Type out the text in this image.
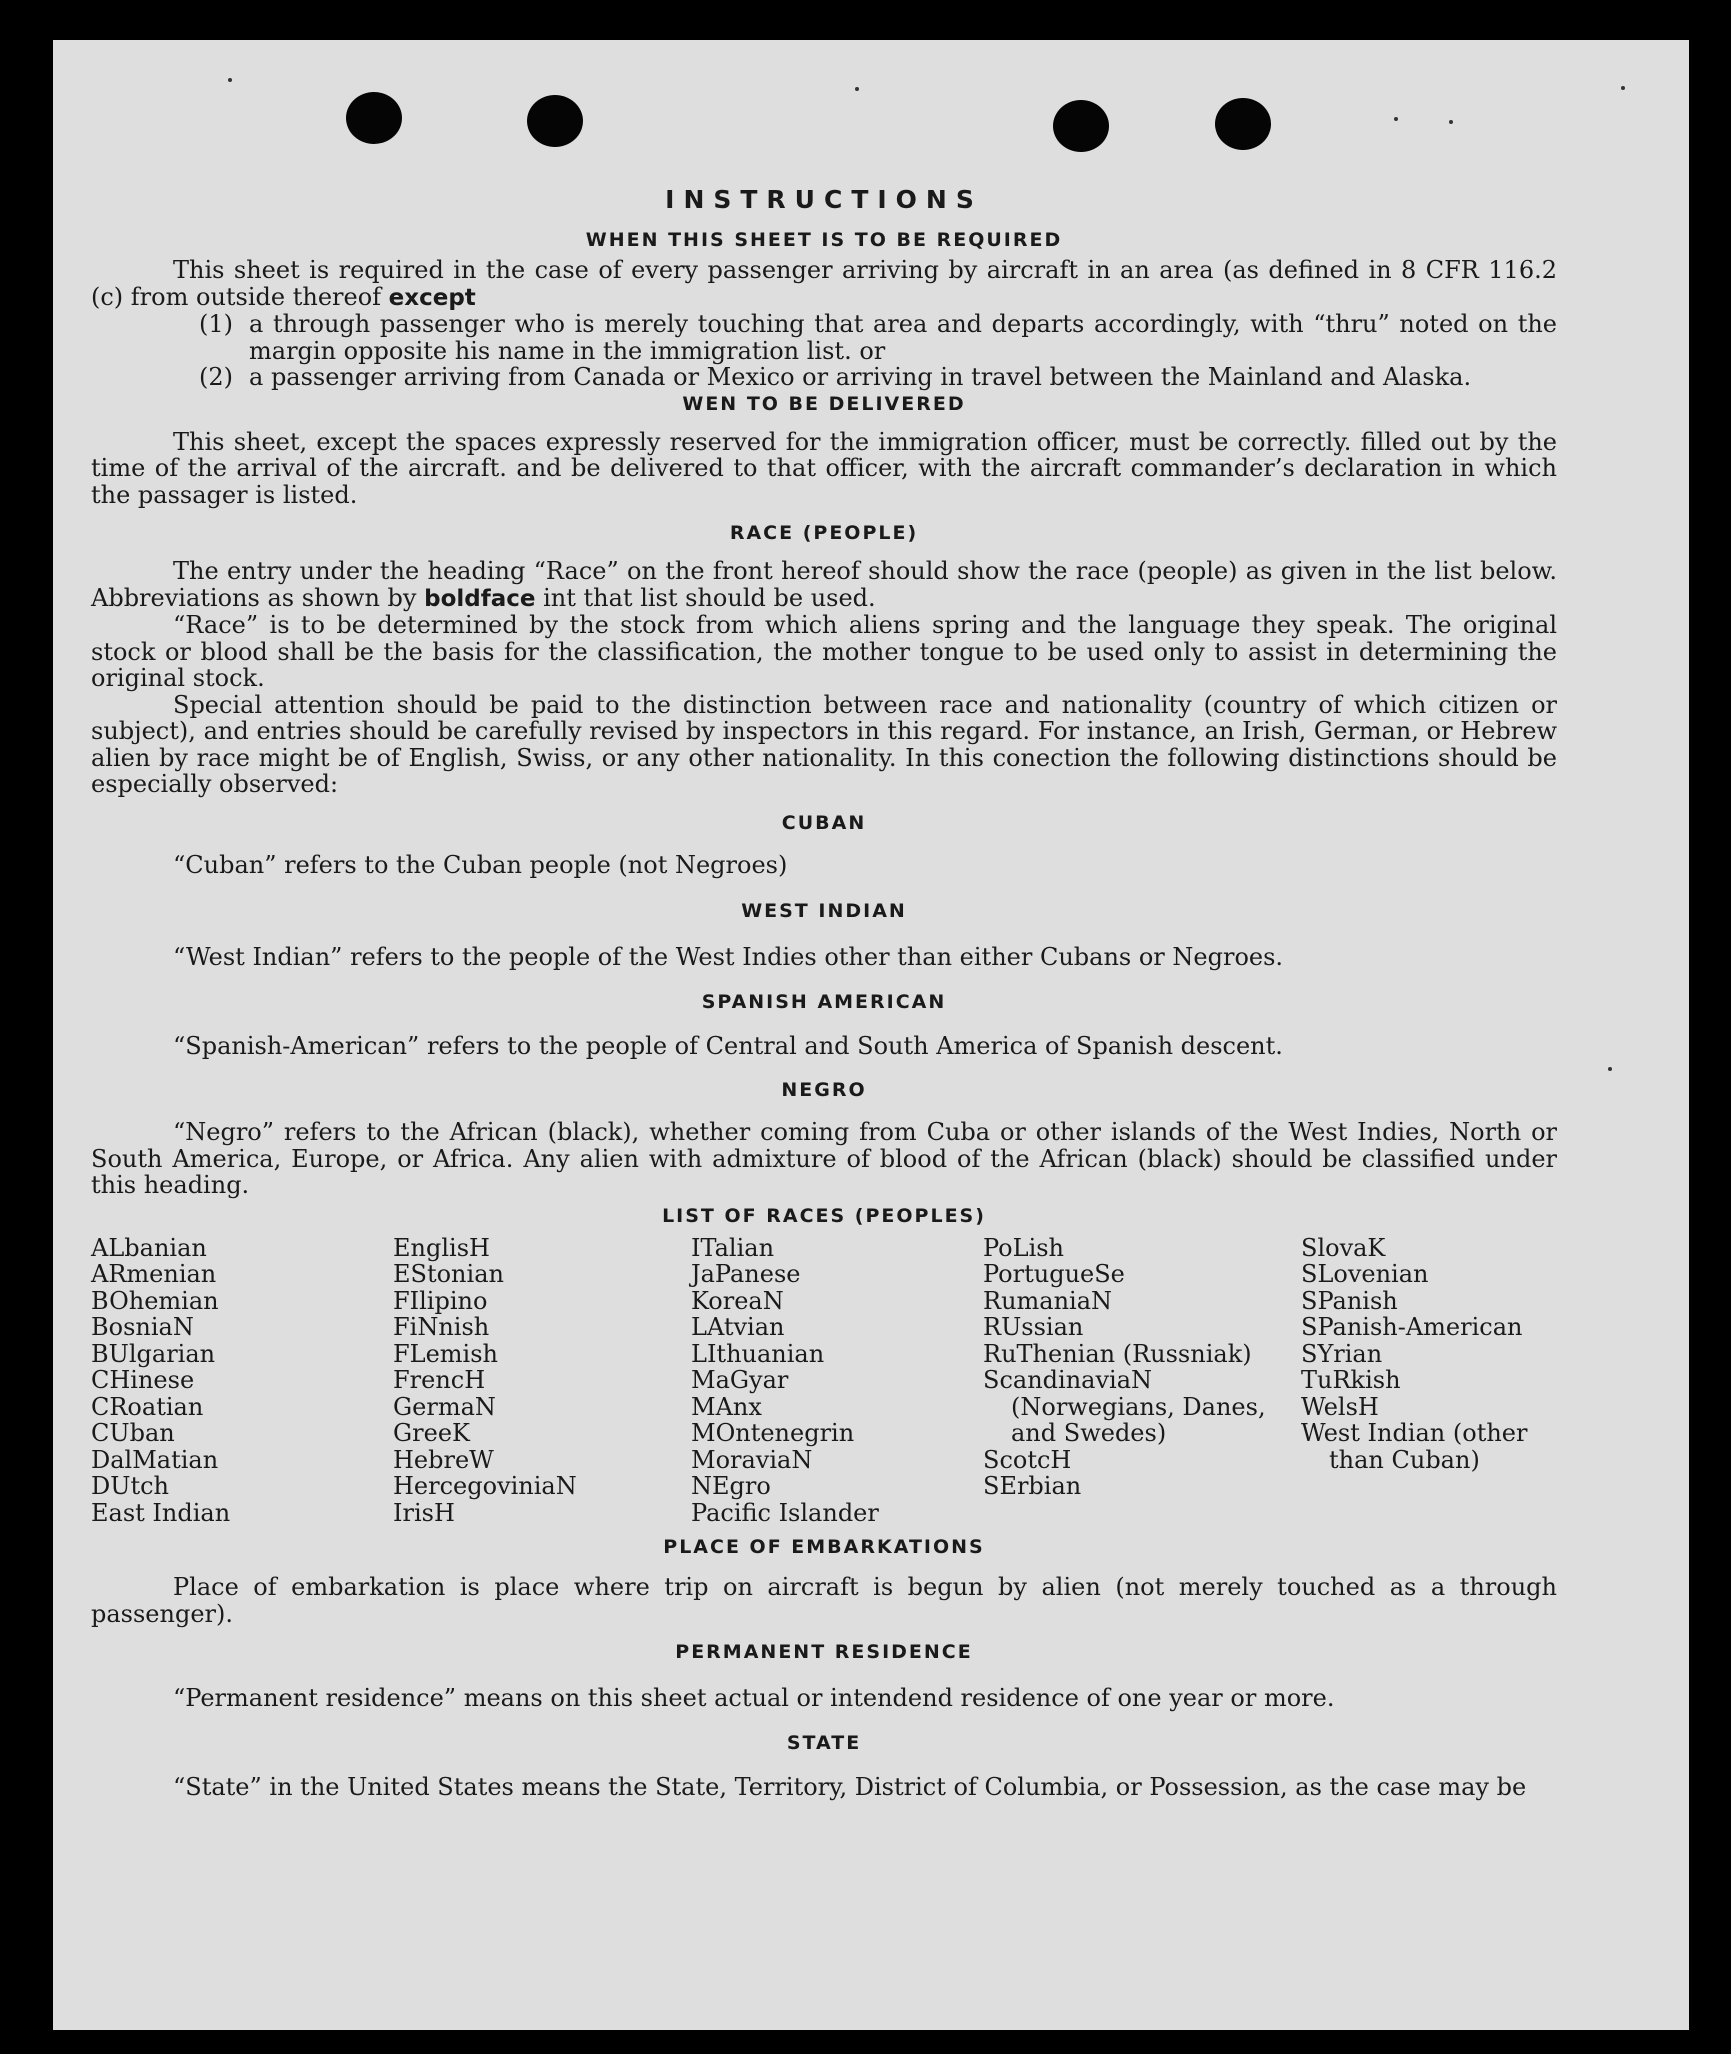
INSTRUCTIONS
WHEN THIS SHEET IS TO BE REQUIRED

This sheet is required in the case of every passenger arriving by aircraft in an area (as defined in 8 CFR 116.2 (c) from outside thereof except

(1) a through passenger who is merely touching that area and departs accordingly, with “thru” noted on the margin opposite his name in the immigration list. or
(2) a passenger arriving from Canada or Mexico or arriving in travel between the Mainland and Alaska.
WEN TO BE DELIVERED

This sheet, except the spaces expressly reserved for the immigration officer, must be correctly. filled out by the time of the arrival of the aircraft. and be delivered to that officer, with the aircraft commander’s declaration in which the passager is listed.

RACE (PEOPLE)

The entry under the heading “Race” on the front hereof should show the race (people) as given in the list below. Abbreviations as shown by boldface int that list should be used.

“Race” is to be determined by the stock from which aliens spring and the language they speak. The original stock or blood shall be the basis for the classification, the mother tongue to be used only to assist in determining the original stock.

Special attention should be paid to the distinction between race and nationality (country of which citizen or subject), and entries should be carefully revised by inspectors in this regard. For instance, an Irish, German, or Hebrew alien by race might be of English, Swiss, or any other nationality. In this conection the following distinctions should be especially observed:

CUBAN

“Cuban” refers to the Cuban people (not Negroes)

WEST INDIAN

“West Indian” refers to the people of the West Indies other than either Cubans or Negroes.

SPANISH AMERICAN

“Spanish-American” refers to the people of Central and South America of Spanish descent.

NEGRO

“Negro” refers to the African (black), whether coming from Cuba or other islands of the West Indies, North or South America, Europe, or Africa. Any alien with admixture of blood of the African (black) should be classified under this heading.

LIST OF RACES (PEOPLES)
ALbanian
ARmenian
BOhemian
BosniaN
BUlgarian
CHinese
CRoatian
CUban
DalMatian
DUtch
East Indian
EnglisH
EStonian
FIlipino
FiNnish
FLemish
FrencH
GermaN
GreeK
HebreW
HercegoviniaN
IrisH
ITalian
JaPanese
KoreaN
LAtvian
LIthuanian
MaGyar
MAnx
MOntenegrin
MoraviaN
NEgro
Pacific Islander
PoLish
PortugueSe
RumaniaN
RUssian
RuThenian (Russniak)
ScandinaviaN (Norwegians, Danes, and Swedes)
ScotcH
SErbian
SlovaK
SLovenian
SPanish
SPanish-American
SYrian
TuRkish
WelsH
West Indian (other than Cuban)
PLACE OF EMBARKATIONS

Place of embarkation is place where trip on aircraft is begun by alien (not merely touched as a through passenger).

PERMANENT RESIDENCE

“Permanent residence” means on this sheet actual or intendend residence of one year or more.

STATE

“State” in the United States means the State, Territory, District of Columbia, or Possession, as the case may be
